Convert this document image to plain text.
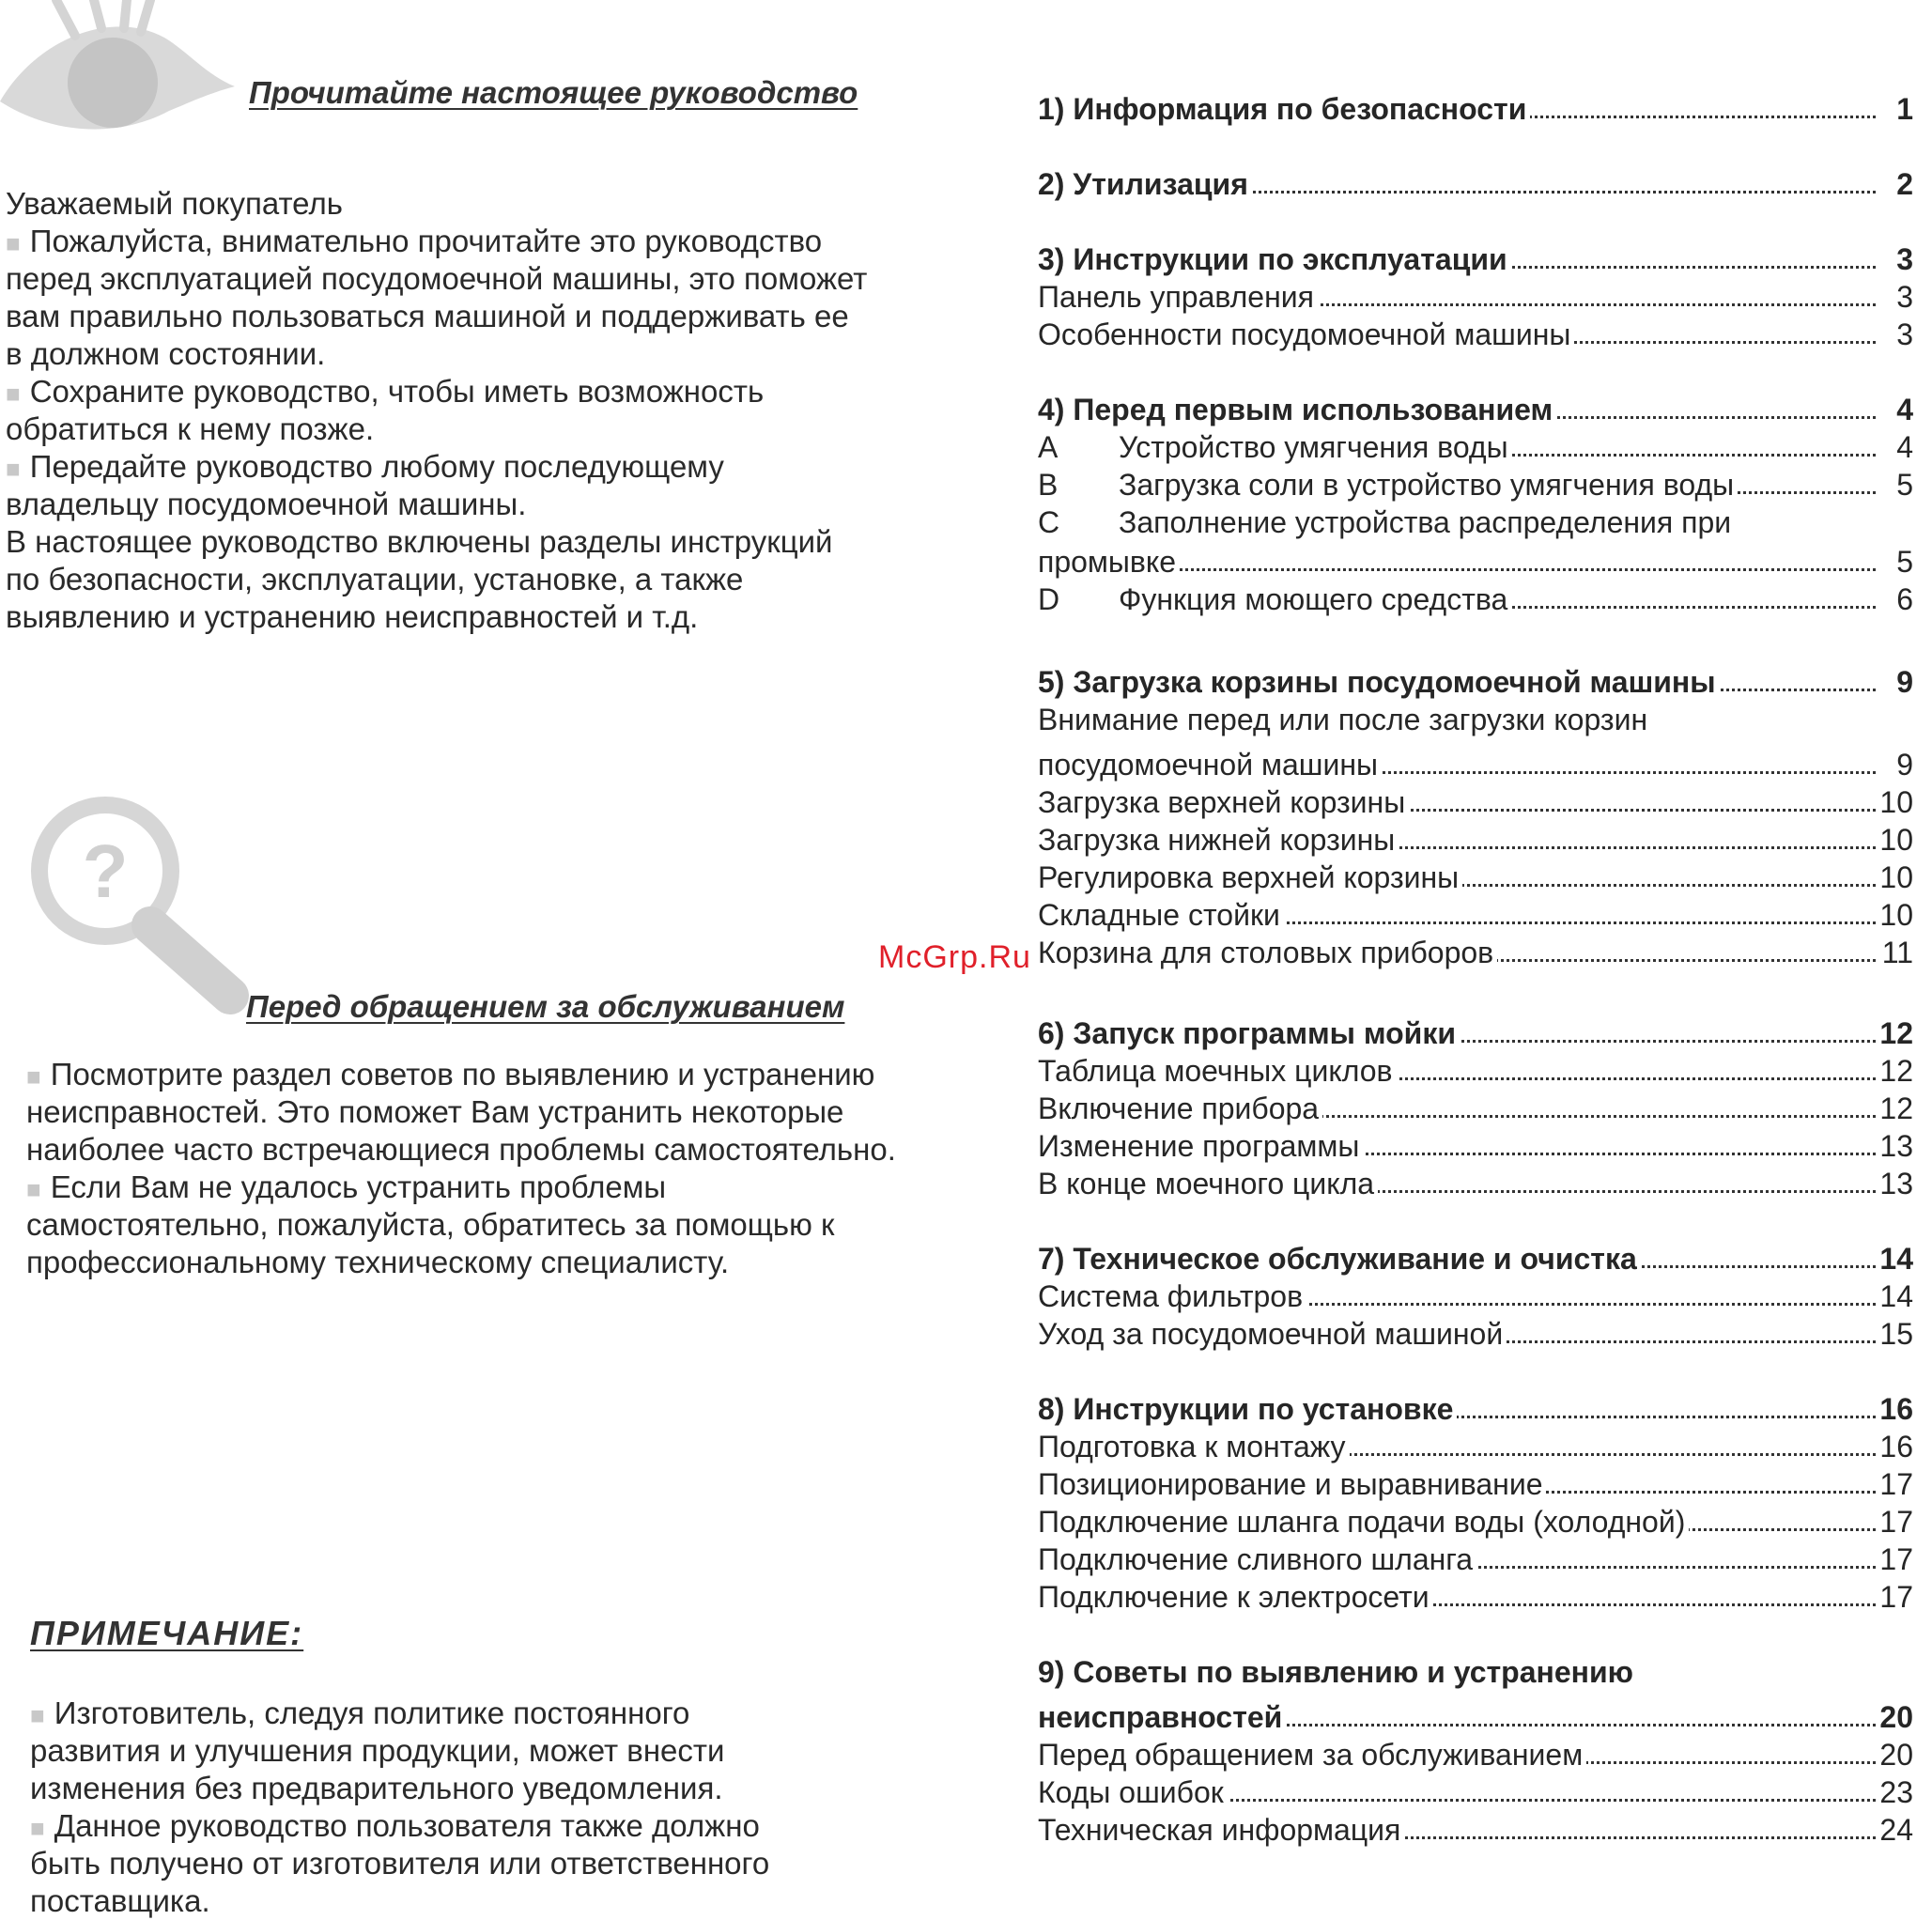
Прочитайте настоящее руководство
Уважаемый покупатель
■ Пожалуйста, внимательно прочитайте это руководство
перед эксплуатацией посудомоечной машины, это поможет
вам правильно пользоваться машиной и поддерживать ее
в должном состоянии.
■ Сохраните руководство, чтобы иметь возможность
обратиться к нему позже.
■ Передайте руководство любому последующему
владельцу посудомоечной машины.
В настоящее руководство включены разделы инструкций
по безопасности, эксплуатации, установке, а также
выявлению и устранению неисправностей и т.д.
?
Перед обращением за обслуживанием
■ Посмотрите раздел советов по выявлению и устранению
неисправностей. Это поможет Вам устранить некоторые
наиболее часто встречающиеся проблемы самостоятельно.
■ Если Вам не удалось устранить проблемы
самостоятельно, пожалуйста, обратитесь за помощью к
профессиональному техническому специалисту.
ПРИМЕЧАНИЕ:
■ Изготовитель, следуя политике постоянного
развития и улучшения продукции, может внести
изменения без предварительного уведомления.
■ Данное руководство пользователя также должно
быть получено от изготовителя или ответственного
поставщика.
McGrp.Ru
1) Информация по безопасности	1
2) Утилизация	2
3) Инструкции по эксплуатации	3
Панель управления	3
Особенности посудомоечной машины	3
4) Перед первым использованием	4
A Устройство умягчения воды	4
B Загрузка соли в устройство умягчения воды	5
C Заполнение устройства распределения при
промывке	5
D Функция моющего средства	6
5) Загрузка корзины посудомоечной машины	9
Внимание перед или после загрузки корзин
посудомоечной машины	9
Загрузка верхней корзины	10
Загрузка нижней корзины	10
Регулировка верхней корзины	10
Складные стойки	10
Корзина для столовых приборов	11
6) Запуск программы мойки	12
Таблица моечных циклов	12
Включение прибора	12
Изменение программы	13
В конце моечного цикла	13
7) Техническое обслуживание и очистка	14
Система фильтров	14
Уход за посудомоечной машиной	15
8) Инструкции по установке	16
Подготовка к монтажу	16
Позиционирование и выравнивание	17
Подключение шланга подачи воды (холодной)	17
Подключение сливного шланга	17
Подключение к электросети	17
9) Советы по выявлению и устранению
неисправностей	20
Перед обращением за обслуживанием	20
Коды ошибок	23
Техническая информация	24
